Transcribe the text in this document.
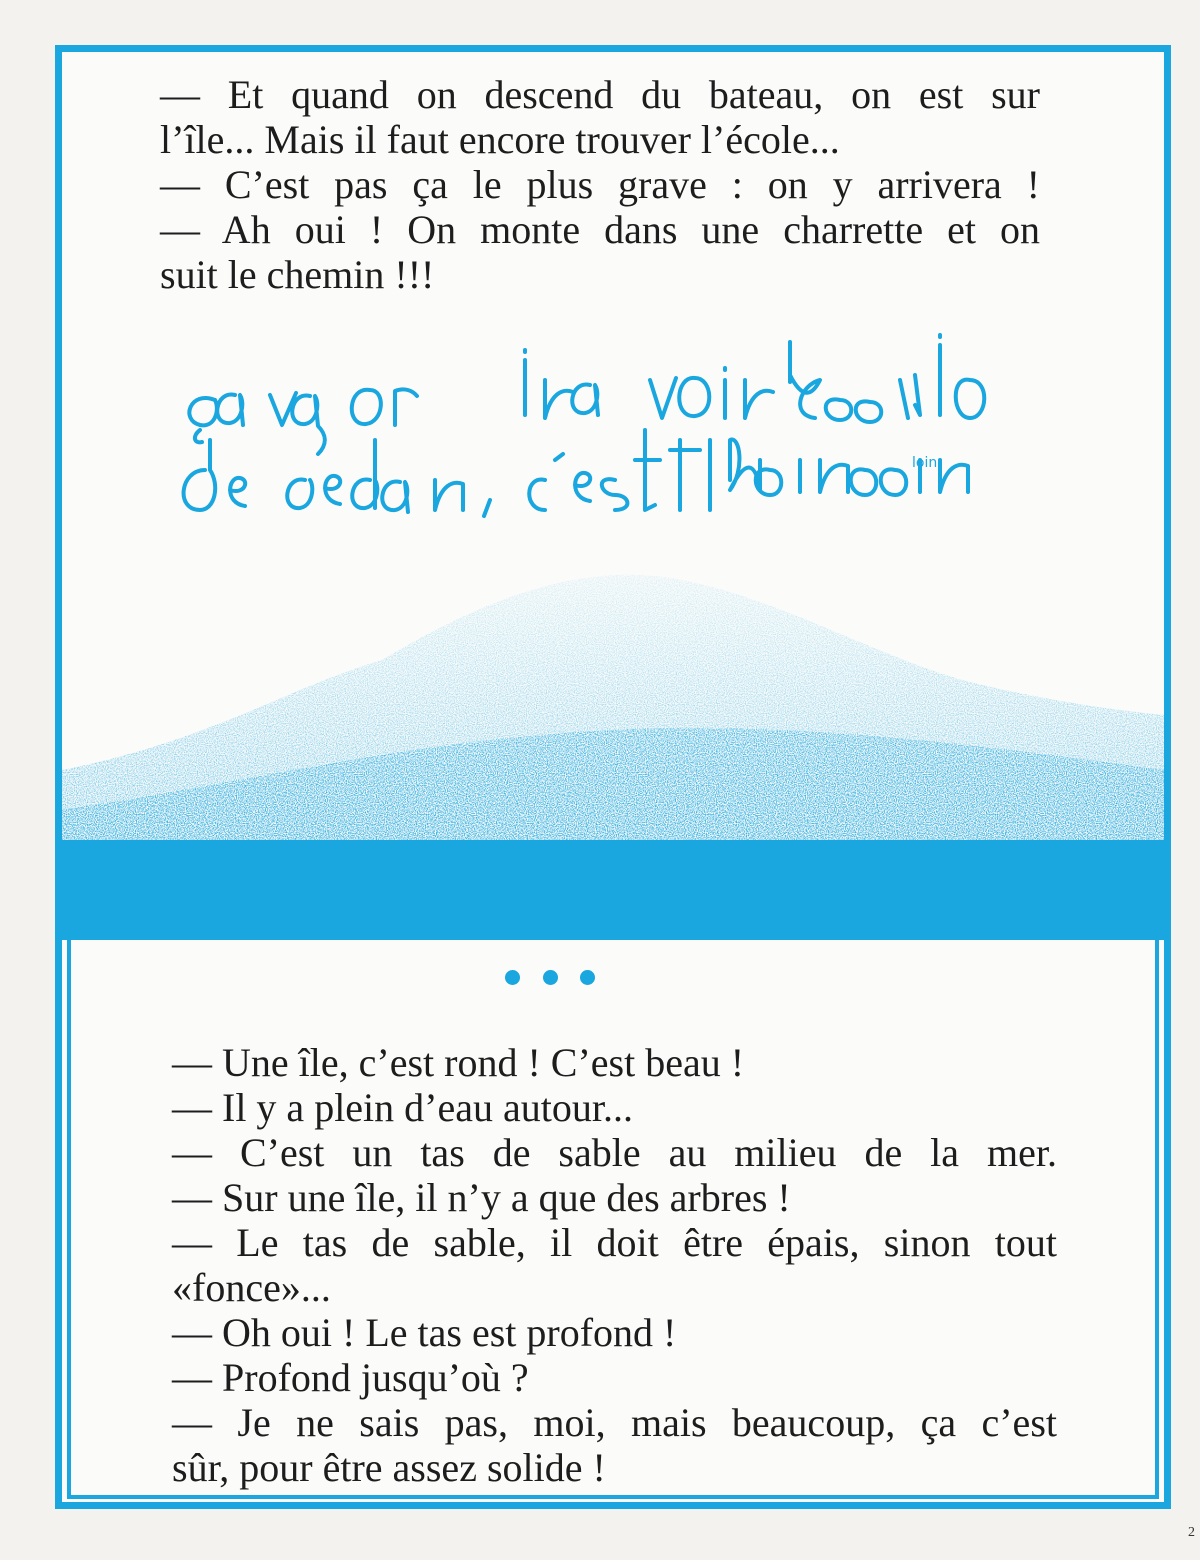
— Et quand on descend du bateau, on est sur
l’île... Mais il faut encore trouver l’école...
— C’est pas ça le plus grave : on y arrivera !
— Ah oui ! On monte dans une charrette et on
suit le chemin !!!
loin.
— Une île, c’est rond ! C’est beau !
— Il y a plein d’eau autour...
— C’est un tas de sable au milieu de la mer.
— Sur une île, il n’y a que des arbres !
— Le tas de sable, il doit être épais, sinon tout
«fonce»...
— Oh oui ! Le tas est profond !
— Profond jusqu’où ?
— Je ne sais pas, moi, mais beaucoup, ça c’est
sûr, pour être assez solide !
2
